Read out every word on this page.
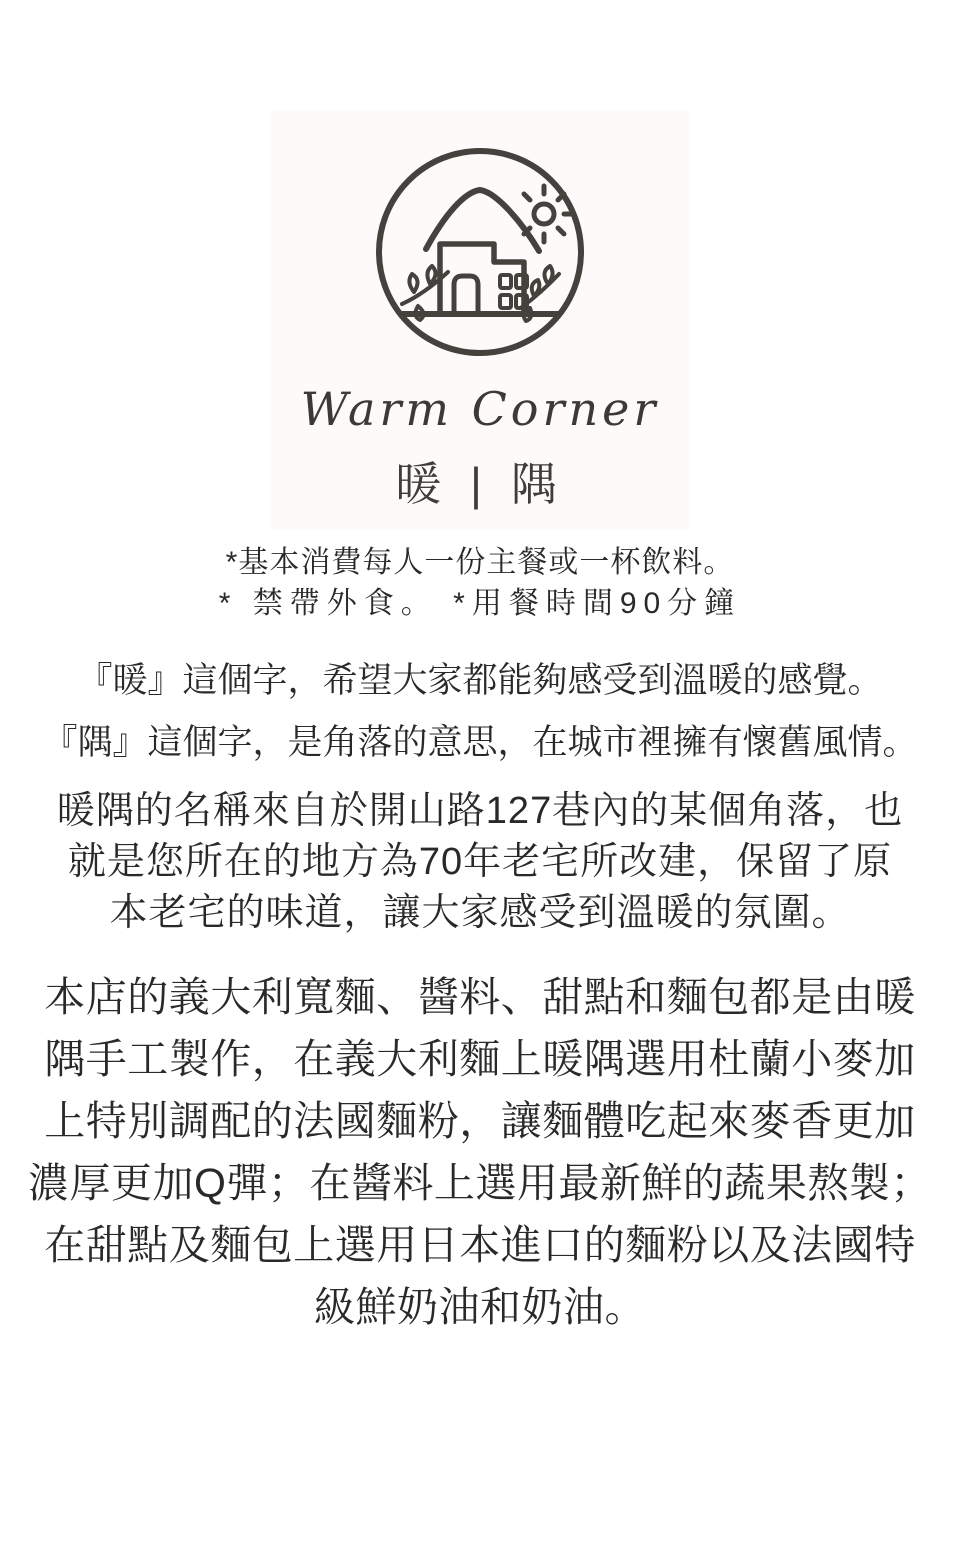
Warm Corner
暖 | 隅
*基本消費每人一份主餐或一杯飲料。
* 禁帶外食。 *用餐時間90分鐘
『暖』這個字，希望大家都能夠感受到溫暖的感覺。
『隅』這個字，是角落的意思，在城市裡擁有懷舊風情。
暖隅的名稱來自於開山路127巷內的某個角落，也
就是您所在的地方為70年老宅所改建，保留了原
本老宅的味道，讓大家感受到溫暖的氛圍。
本店的義大利寬麵、醬料、甜點和麵包都是由暖
隅手工製作，在義大利麵上暖隅選用杜蘭小麥加
上特別調配的法國麵粉，讓麵體吃起來麥香更加
濃厚更加Q彈；在醬料上選用最新鮮的蔬果熬製；
在甜點及麵包上選用日本進口的麵粉以及法國特
級鮮奶油和奶油。
